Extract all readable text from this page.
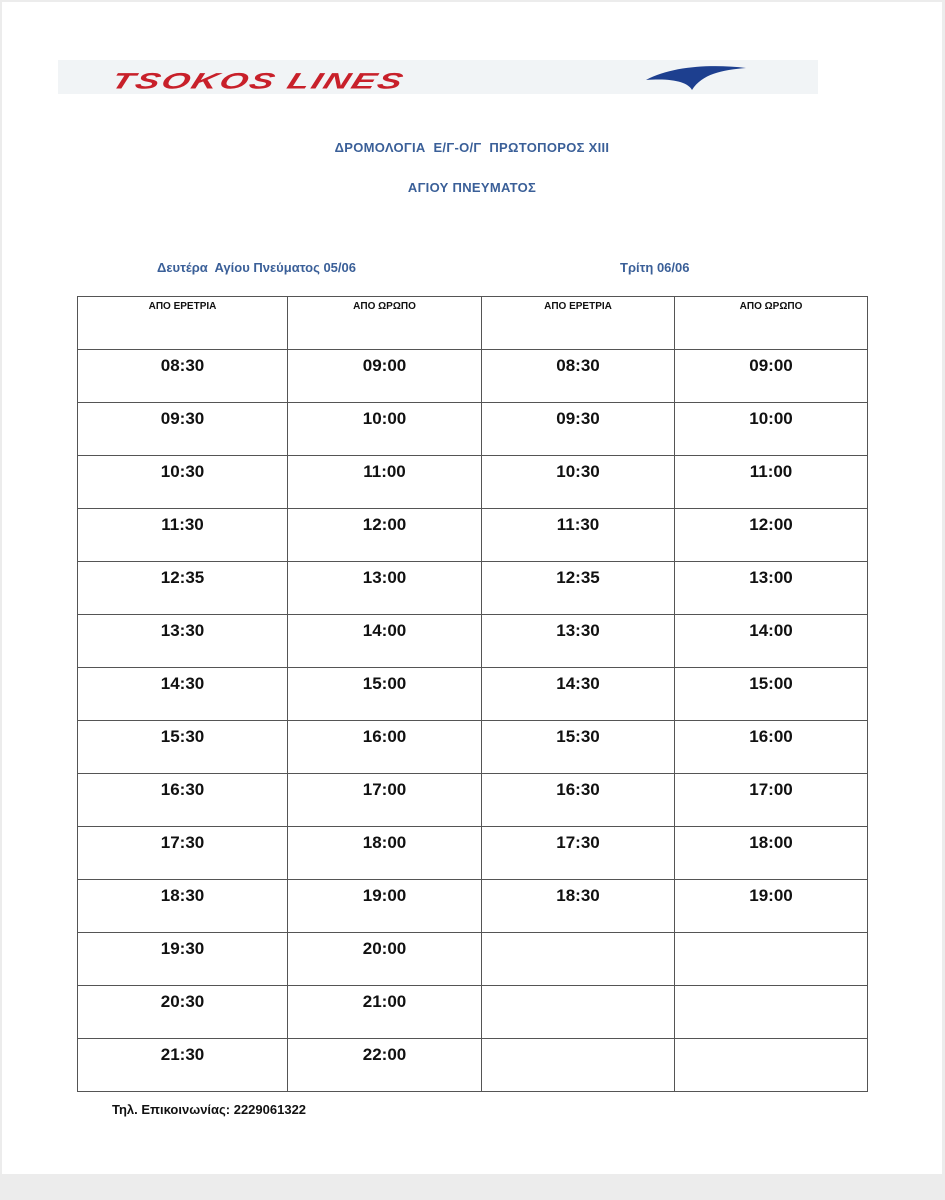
TSOKOS LINES
ΔΡΟΜΟΛΟΓΙΑ  Ε/Γ-Ο/Γ  ΠΡΩΤΟΠΟΡΟΣ ΧΙΙΙ
ΑΓΙΟΥ ΠΝΕΥΜΑΤΟΣ
Δευτέρα  Αγίου Πνεύματος 05/06	Τρίτη 06/06
ΑΠΟ ΕΡΕΤΡΙΑ	ΑΠΟ ΩΡΩΠΟ	ΑΠΟ ΕΡΕΤΡΙΑ	ΑΠΟ ΩΡΩΠΟ
08:30	09:00	08:30	09:00
09:30	10:00	09:30	10:00
10:30	11:00	10:30	11:00
11:30	12:00	11:30	12:00
12:35	13:00	12:35	13:00
13:30	14:00	13:30	14:00
14:30	15:00	14:30	15:00
15:30	16:00	15:30	16:00
16:30	17:00	16:30	17:00
17:30	18:00	17:30	18:00
18:30	19:00	18:30	19:00
19:30	20:00		
20:30	21:00		
21:30	22:00		
Τηλ. Επικοινωνίας: 2229061322
